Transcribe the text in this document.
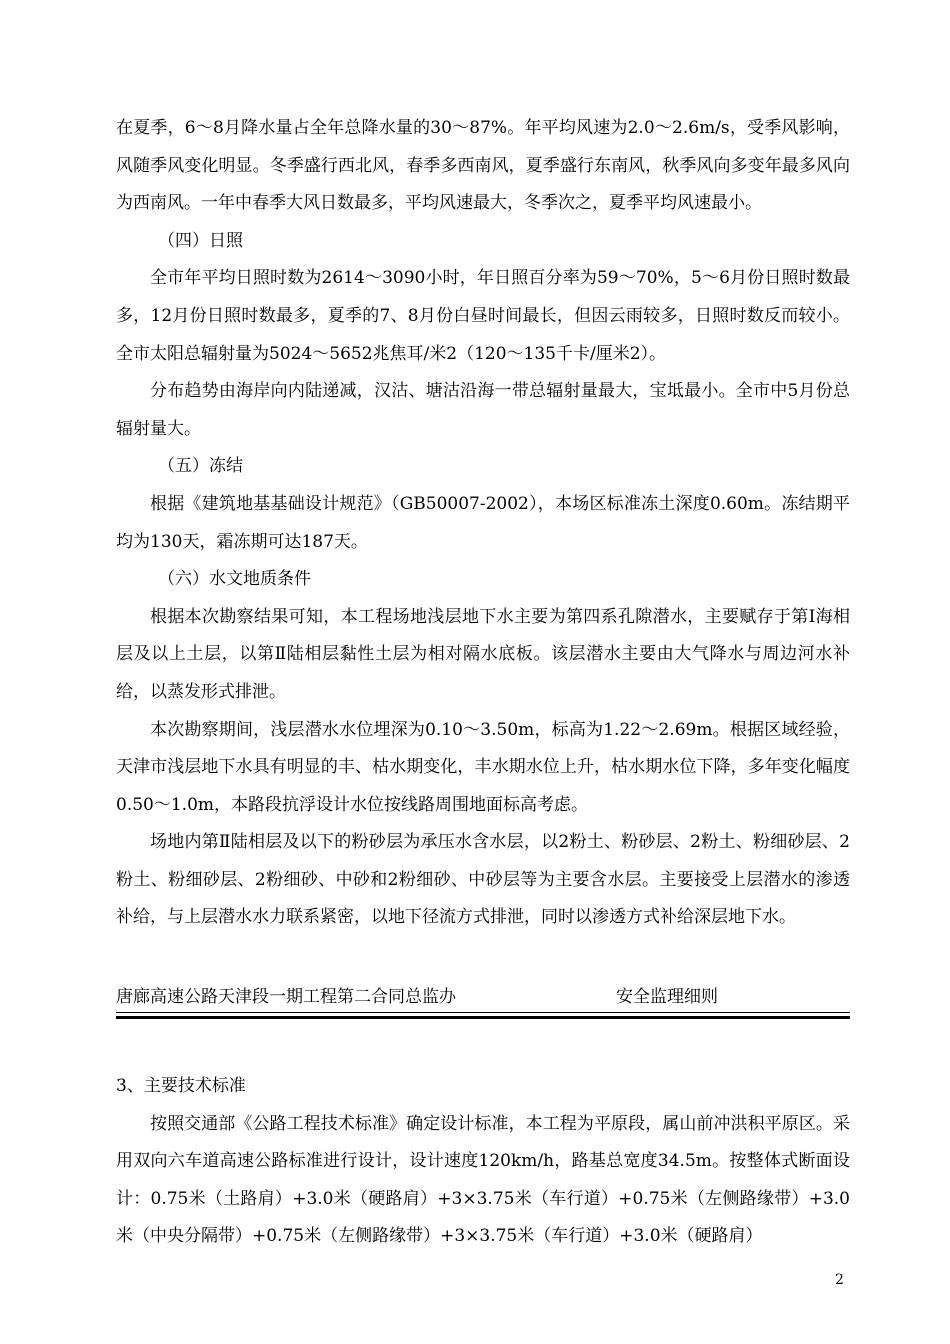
在夏季，6～8月降水量占全年总降水量的30～87%。年平均风速为2.0～2.6m/s，受季风影响，风随季风变化明显。冬季盛行西北风，春季多西南风，夏季盛行东南风，秋季风向多变年最多风向为西南风。一年中春季大风日数最多，平均风速最大，冬季次之，夏季平均风速最小。

（四）日照

全市年平均日照时数为2614～3090小时，年日照百分率为59～70%，5～6月份日照时数最多，12月份日照时数最多，夏季的7、8月份白昼时间最长，但因云雨较多，日照时数反而较小。全市太阳总辐射量为5024～5652兆焦耳/米2（120～135千卡/厘米2）。

分布趋势由海岸向内陆递减，汉沽、塘沽沿海一带总辐射量最大，宝坻最小。全市中5月份总辐射量大。

（五）冻结

根据《建筑地基基础设计规范》（GB50007-2002），本场区标准冻土深度0.60m。冻结期平均为130天，霜冻期可达187天。

（六）水文地质条件

根据本次勘察结果可知，本工程场地浅层地下水主要为第四系孔隙潜水，主要赋存于第Ⅰ海相层及以上土层，以第Ⅱ陆相层黏性土层为相对隔水底板。该层潜水主要由大气降水与周边河水补给，以蒸发形式排泄。

本次勘察期间，浅层潜水水位埋深为0.10～3.50m，标高为1.22～2.69m。根据区域经验，天津市浅层地下水具有明显的丰、枯水期变化，丰水期水位上升，枯水期水位下降，多年变化幅度0.50～1.0m，本路段抗浮设计水位按线路周围地面标高考虑。

场地内第Ⅱ陆相层及以下的粉砂层为承压水含水层，以2粉土、粉砂层、2粉土、粉细砂层、2粉土、粉细砂层、2粉细砂、中砂和2粉细砂、中砂层等为主要含水层。主要接受上层潜水的渗透补给，与上层潜水水力联系紧密，以地下径流方式排泄，同时以渗透方式补给深层地下水。

唐廊高速公路天津段一期工程第二合同总监办	安全监理细则

3、主要技术标准

按照交通部《公路工程技术标准》确定设计标准，本工程为平原段，属山前冲洪积平原区。采用双向六车道高速公路标准进行设计，设计速度120km/h，路基总宽度34.5m。按整体式断面设计：0.75米（土路肩）+3.0米（硬路肩）+3×3.75米（车行道）+0.75米（左侧路缘带）+3.0米（中央分隔带）+0.75米（左侧路缘带）+3×3.75米（车行道）+3.0米（硬路肩）

2
